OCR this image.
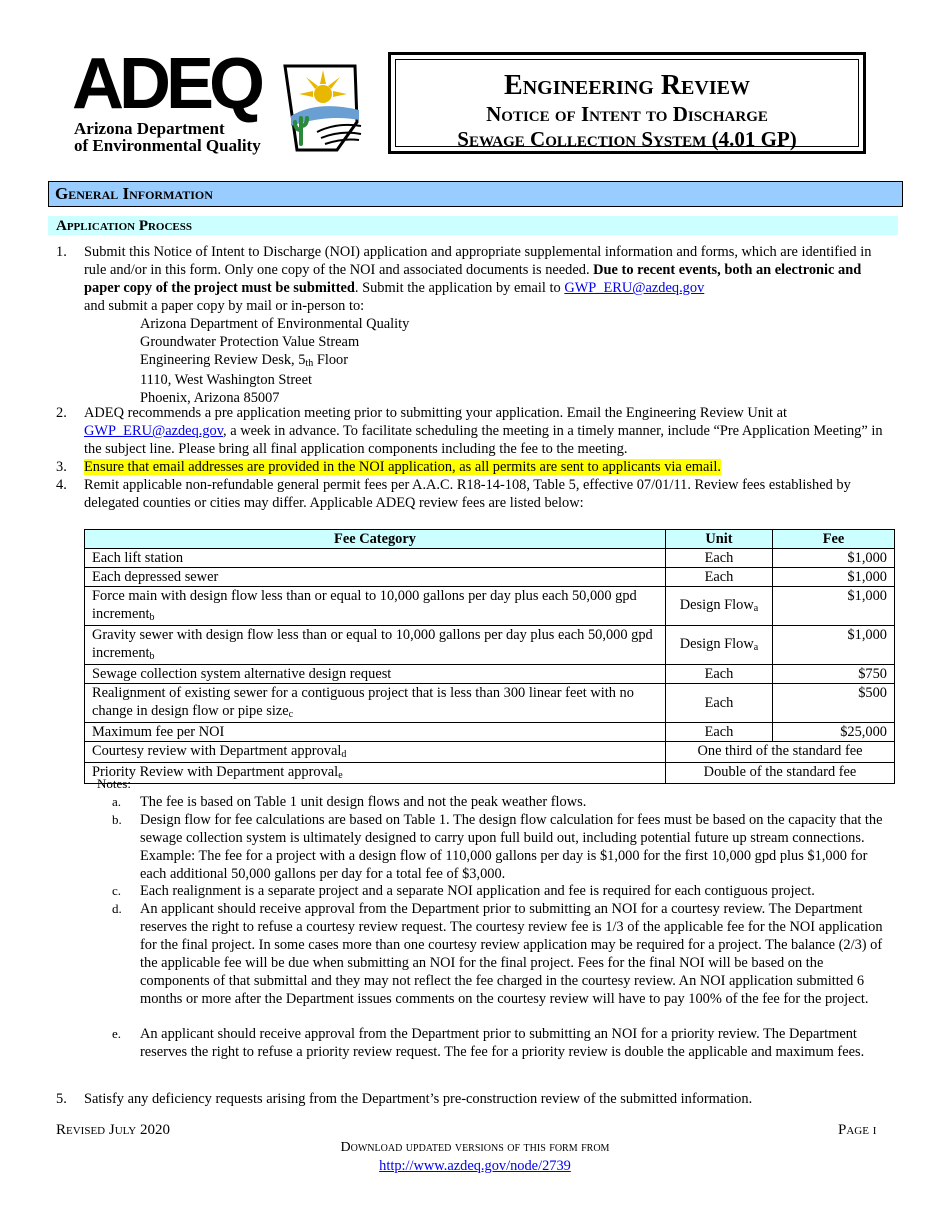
ADEQ
Arizona Department
of Environmental Quality
Engineering Review
Notice of Intent to Discharge
Sewage Collection System (4.01 GP)
General Information
Application Process
1. Submit this Notice of Intent to Discharge (NOI) application and appropriate supplemental information and forms, which are identified in rule and/or in this form. Only one copy of the NOI and associated documents is needed. Due to recent events, both an electronic and paper copy of the project must be submitted. Submit the application by email to GWP_ERU@azdeq.gov
and submit a paper copy by mail or in-person to:
Arizona Department of Environmental Quality
Groundwater Protection Value Stream
Engineering Review Desk, $5_{th}$ Floor
1110, West Washington Street
Phoenix, Arizona 85007
2. ADEQ recommends a pre application meeting prior to submitting your application. Email the Engineering Review Unit at GWP_ERU@azdeq.gov, a week in advance. To facilitate scheduling the meeting in a timely manner, include “Pre Application Meeting” in the subject line. Please bring all final application components including the fee to the meeting.
3. Ensure that email addresses are provided in the NOI application, as all permits are sent to applicants via email.
4. Remit applicable non-refundable general permit fees per A.A.C. R18-14-108, Table 5, effective 07/01/11. Review fees established by delegated counties or cities may differ. Applicable ADEQ review fees are listed below:
Fee Category	Unit	Fee
Each lift station	Each	$1,000
Each depressed sewer	Each	$1,000
Force main with design flow less than or equal to 10,000 gallons per day plus each 50,000 gpd increment$_b$	Design Flow$_a$	$1,000
Gravity sewer with design flow less than or equal to 10,000 gallons per day plus each 50,000 gpd increment$_b$	Design Flow$_a$	$1,000
Sewage collection system alternative design request	Each	$750
Realignment of existing sewer for a contiguous project that is less than 300 linear feet with no change in design flow or pipe size$_c$	Each	$500
Maximum fee per NOI	Each	$25,000
Courtesy review with Department approval$_d$	One third of the standard fee	
Priority Review with Department approval$_e$	Double of the standard fee	
Notes:
a. The fee is based on Table 1 unit design flows and not the peak weather flows.
b. Design flow for fee calculations are based on Table 1. The design flow calculation for fees must be based on the capacity that the sewage collection system is ultimately designed to carry upon full build out, including potential future up stream connections. Example: The fee for a project with a design flow of 110,000 gallons per day is $1,000 for the first 10,000 gpd plus $1,000 for each additional 50,000 gallons per day for a total fee of $3,000.
c. Each realignment is a separate project and a separate NOI application and fee is required for each contiguous project.
d. An applicant should receive approval from the Department prior to submitting an NOI for a courtesy review. The Department reserves the right to refuse a courtesy review request. The courtesy review fee is 1/3 of the applicable fee for the NOI application for the final project. In some cases more than one courtesy review application may be required for a project. The balance (2/3) of the applicable fee will be due when submitting an NOI for the final project. Fees for the final NOI will be based on the components of that submittal and they may not reflect the fee charged in the courtesy review. An NOI application submitted 6 months or more after the Department issues comments on the courtesy review will have to pay 100% of the fee for the project.
e. An applicant should receive approval from the Department prior to submitting an NOI for a priority review. The Department reserves the right to refuse a priority review request. The fee for a priority review is double the applicable and maximum fees.
5. Satisfy any deficiency requests arising from the Department’s pre-construction review of the submitted information.
Revised July 2020	Page i
Download updated versions of this form from
http://www.azdeq.gov/node/2739
